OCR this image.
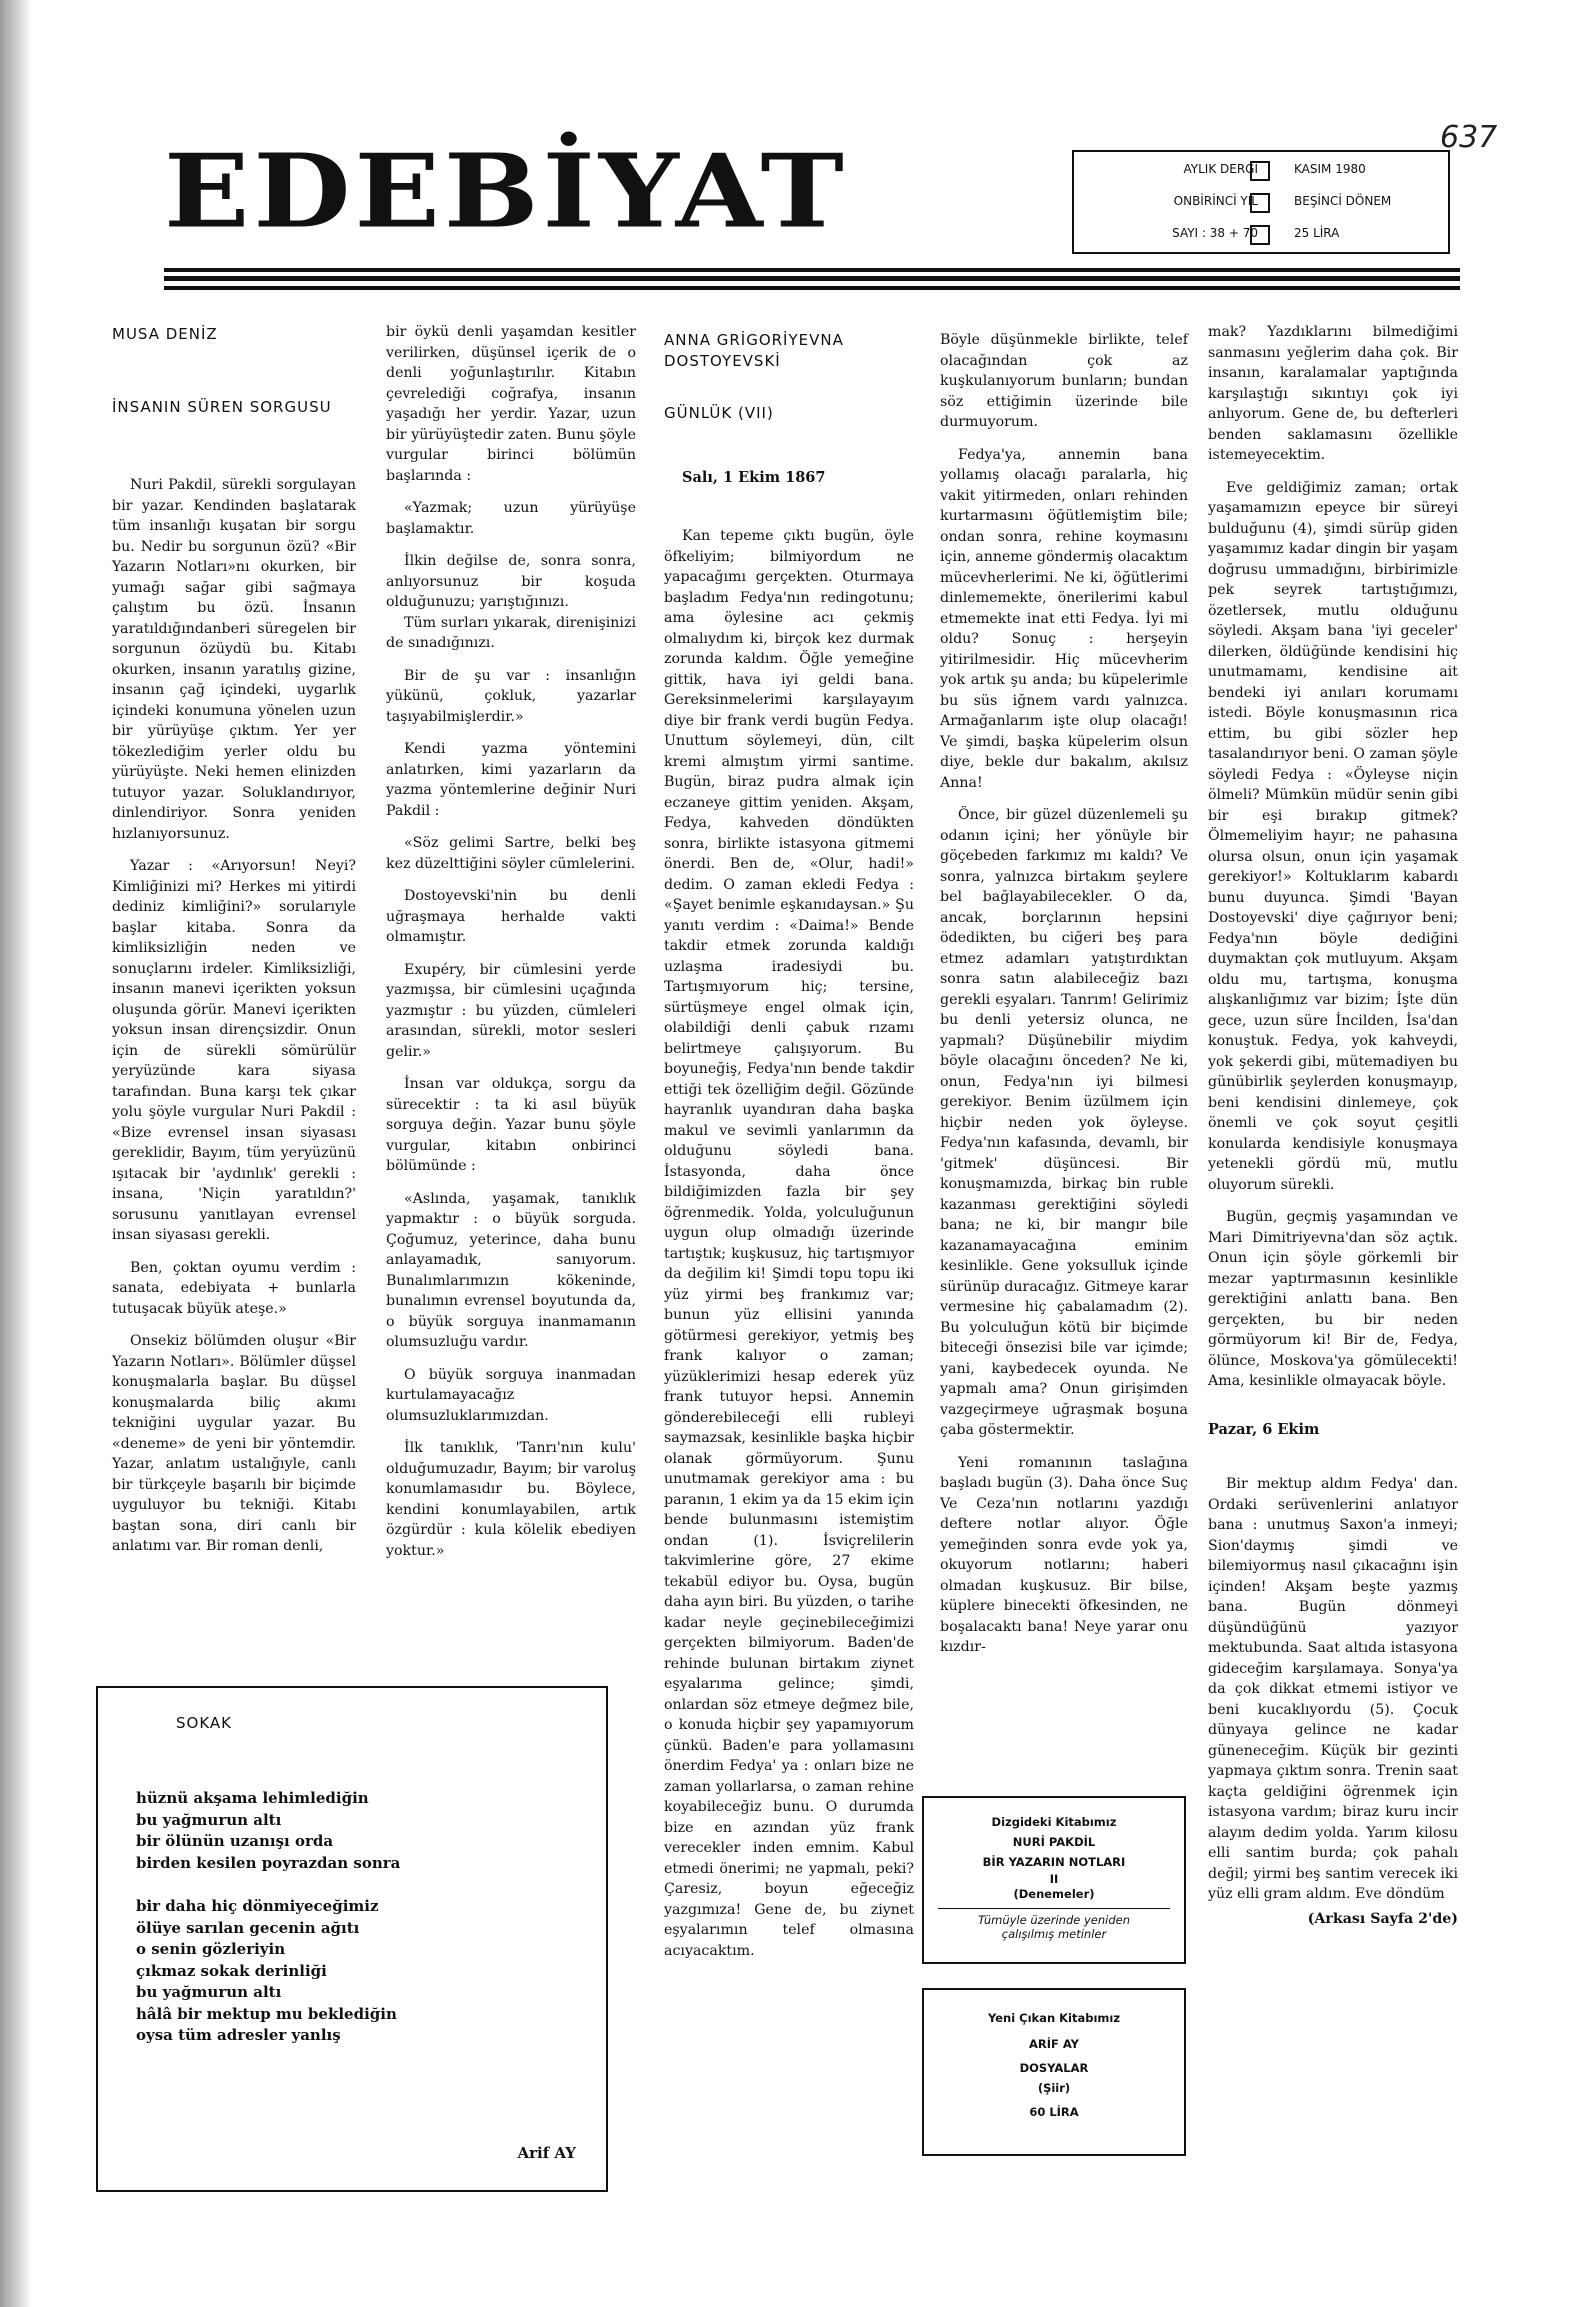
637
EDEBİYAT	AYLIK DERGİ	KASIM 1980
ONBİRİNCİ YIL	BEŞİNCİ DÖNEM
SAYI : 38 + 70	25 LİRA
MUSA DENİZ
İNSANIN SÜREN SORGUSU

Nuri Pakdil, sürekli sorgulayan bir yazar. Kendinden başlatarak tüm insanlığı kuşatan bir sorgu bu. Nedir bu sorgunun özü? «Bir Yazarın Notları»nı okurken, bir yumağı sağar gibi sağmaya çalıştım bu özü. İnsanın yaratıldığındanberi süregelen bir sorgunun özüydü bu. Kitabı okurken, insanın yaratılış gizine, insanın çağ içindeki, uygarlık içindeki konumuna yönelen uzun bir yürüyüşe çıktım. Yer yer tökezlediğim yerler oldu bu yürüyüşte. Neki hemen elinizden tutuyor yazar. Soluklandırıyor, dinlendiriyor. Sonra yeniden hızlanıyorsunuz.

Yazar : «Arıyorsun! Neyi? Kimliğinizi mi? Herkes mi yitirdi dediniz kimliğini?» sorularıyle başlar kitaba. Sonra da kimliksizliğin neden ve sonuçlarını irdeler. Kimliksizliği, insanın manevi içerikten yoksun oluşunda görür. Manevi içerikten yoksun insan dirençsizdir. Onun için de sürekli sömürülür yeryüzünde kara siyasa tarafından. Buna karşı tek çıkar yolu şöyle vurgular Nuri Pakdil : «Bize evrensel insan siyasası gereklidir, Bayım, tüm yeryüzünü ışıtacak bir 'aydınlık' gerekli : insana, 'Niçin yaratıldın?' sorusunu yanıtlayan evrensel insan siyasası gerekli.

Ben, çoktan oyumu verdim : sanata, edebiyata + bunlarla tutuşacak büyük ateşe.»

Onsekiz bölümden oluşur «Bir Yazarın Notları». Bölümler düşsel konuşmalarla başlar. Bu düşsel konuşmalarda biliç akımı tekniğini uygular yazar. Bu «deneme» de yeni bir yöntemdir. Yazar, anlatım ustalığıyle, canlı bir türkçeyle başarılı bir biçimde uyguluyor bu tekniği. Kitabı baştan sona, diri canlı bir anlatımı var. Bir roman denli,

bir öykü denli yaşamdan kesitler verilirken, düşünsel içerik de o denli yoğunlaştırılır. Kitabın çevrelediği coğrafya, insanın yaşadığı her yerdir. Yazar, uzun bir yürüyüştedir zaten. Bunu şöyle vurgular birinci bölümün başlarında :

«Yazmak; uzun yürüyüşe başlamaktır.

İlkin değilse de, sonra sonra, anlıyorsunuz bir koşuda olduğunuzu; yarıştığınızı.

Tüm surları yıkarak, direnişinizi de sınadığınızı.

Bir de şu var : insanlığın yükünü, çokluk, yazarlar taşıyabilmişlerdir.»

Kendi yazma yöntemini anlatırken, kimi yazarların da yazma yöntemlerine değinir Nuri Pakdil :

«Söz gelimi Sartre, belki beş kez düzelttiğini söyler cümlelerini.

Dostoyevski'nin bu denli uğraşmaya herhalde vakti olmamıştır.

Exupéry, bir cümlesini yerde yazmışsa, bir cümlesini uçağında yazmıştır : bu yüzden, cümleleri arasından, sürekli, motor sesleri gelir.»

İnsan var oldukça, sorgu da sürecektir : ta ki asıl büyük sorguya değin. Yazar bunu şöyle vurgular, kitabın onbirinci bölümünde :

«Aslında, yaşamak, tanıklık yapmaktır : o büyük sorguda. Çoğumuz, yeterince, daha bunu anlayamadık, sanıyorum. Bunalımlarımızın kökeninde, bunalımın evrensel boyutunda da, o büyük sorguya inanmamanın olumsuzluğu vardır.

O büyük sorguya inanmadan kurtulamayacağız olumsuzluklarımızdan.

İlk tanıklık, 'Tanrı'nın kulu' olduğumuzadır, Bayım; bir varoluş konumlamasıdır bu. Böylece, kendini konumlayabilen, artık özgürdür : kula kölelik ebediyen yoktur.»

ANNA GRİGORİYEVNA
DOSTOYEVSKİ
GÜNLÜK (VII)

Salı, 1 Ekim 1867

Kan tepeme çıktı bugün, öyle öfkeliyim; bilmiyordum ne yapacağımı gerçekten. Oturmaya başladım Fedya'nın redingotunu; ama öylesine acı çekmiş olmalıydım ki, birçok kez durmak zorunda kaldım. Öğle yemeğine gittik, hava iyi geldi bana. Gereksinmelerimi karşılayayım diye bir frank verdi bugün Fedya. Unuttum söylemeyi, dün, cilt kremi almıştım yirmi santime. Bugün, biraz pudra almak için eczaneye gittim yeniden. Akşam, Fedya, kahveden döndükten sonra, birlikte istasyona gitmemi önerdi. Ben de, «Olur, hadi!» dedim. O zaman ekledi Fedya : «Şayet benimle eşkanıdaysan.» Şu yanıtı verdim : «Daima!» Bende takdir etmek zorunda kaldığı uzlaşma iradesiydi bu. Tartışmıyorum hiç; tersine, sürtüşmeye engel olmak için, olabildiği denli çabuk rızamı belirtmeye çalışıyorum. Bu boyuneğiş, Fedya'nın bende takdir ettiği tek özelliğim değil. Gözünde hayranlık uyandıran daha başka makul ve sevimli yanlarımın da olduğunu söyledi bana. İstasyonda, daha önce bildiğimizden fazla bir şey öğrenmedik. Yolda, yolculuğunun uygun olup olmadığı üzerinde tartıştık; kuşkusuz, hiç tartışmıyor da değilim ki! Şimdi topu topu iki yüz yirmi beş frankımız var; bunun yüz ellisini yanında götürmesi gerekiyor, yetmiş beş frank kalıyor o zaman; yüzüklerimizi hesap ederek yüz frank tutuyor hepsi. Annemin gönderebileceği elli rubleyi saymazsak, kesinlikle başka hiçbir olanak görmüyorum. Şunu unutmamak gerekiyor ama : bu paranın, 1 ekim ya da 15 ekim için bende bulunmasını istemiştim ondan (1). İsviçrelilerin takvimlerine göre, 27 ekime tekabül ediyor bu. Oysa, bugün daha ayın biri. Bu yüzden, o tarihe kadar neyle geçinebileceğimizi gerçekten bilmiyorum. Baden'de rehinde bulunan birtakım ziynet eşyalarıma gelince; şimdi, onlardan söz etmeye değmez bile, o konuda hiçbir şey yapamıyorum çünkü. Baden'e para yollamasını önerdim Fedya' ya : onları bize ne zaman yollarlarsa, o zaman rehine koyabileceğiz bunu. O durumda bize en azından yüz frank verecekler inden emnim. Kabul etmedi önerimi; ne yapmalı, peki? Çaresiz, boyun eğeceğiz yazgımıza! Gene de, bu ziynet eşyalarımın telef olmasına acıyacaktım.

Böyle düşünmekle birlikte, telef olacağından çok az kuşkulanıyorum bunların; bundan söz ettiğimin üzerinde bile durmuyorum.

Fedya'ya, annemin bana yollamış olacağı paralarla, hiç vakit yitirmeden, onları rehinden kurtarmasını öğütlemiştim bile; ondan sonra, rehine koymasını için, anneme göndermiş olacaktım mücevherlerimi. Ne ki, öğütlerimi dinlememekte, önerilerimi kabul etmemekte inat etti Fedya. İyi mi oldu? Sonuç : herşeyin yitirilmesidir. Hiç mücevherim yok artık şu anda; bu küpelerimle bu süs iğnem vardı yalnızca. Armağanlarım işte olup olacağı! Ve şimdi, başka küpelerim olsun diye, bekle dur bakalım, akılsız Anna!

Önce, bir güzel düzenlemeli şu odanın içini; her yönüyle bir göçebeden farkımız mı kaldı? Ve sonra, yalnızca birtakım şeylere bel bağlayabilecekler. O da, ancak, borçlarının hepsini ödedikten, bu ciğeri beş para etmez adamları yatıştırdıktan sonra satın alabileceğiz bazı gerekli eşyaları. Tanrım! Gelirimiz bu denli yetersiz olunca, ne yapmalı? Düşünebilir miydim böyle olacağını önceden? Ne ki, onun, Fedya'nın iyi bilmesi gerekiyor. Benim üzülmem için hiçbir neden yok öyleyse. Fedya'nın kafasında, devamlı, bir 'gitmek' düşüncesi. Bir konuşmamızda, birkaç bin ruble kazanması gerektiğini söyledi bana; ne ki, bir mangır bile kazanamayacağına eminim kesinlikle. Gene yoksulluk içinde sürünüp duracağız. Gitmeye karar vermesine hiç çabalamadım (2). Bu yolculuğun kötü bir biçimde biteceği önsezisi bile var içimde; yani, kaybedecek oyunda. Ne yapmalı ama? Onun girişimden vazgeçirmeye uğraşmak boşuna çaba göstermektir.

Yeni romanının taslağına başladı bugün (3). Daha önce Suç Ve Ceza'nın notlarını yazdığı deftere notlar alıyor. Öğle yemeğinden sonra evde yok ya, okuyorum notlarını; haberi olmadan kuşkusuz. Bir bilse, küplere binecekti öfkesinden, ne boşalacaktı bana! Neye yarar onu kızdır-

mak? Yazdıklarını bilmediğimi sanmasını yeğlerim daha çok. Bir insanın, karalamalar yaptığında karşılaştığı sıkıntıyı çok iyi anlıyorum. Gene de, bu defterleri benden saklamasını özellikle istemeyecektim.

Eve geldiğimiz zaman; ortak yaşamamızın epeyce bir süreyi bulduğunu (4), şimdi sürüp giden yaşamımız kadar dingin bir yaşam doğrusu ummadığını, birbirimizle pek seyrek tartıştığımızı, özetlersek, mutlu olduğunu söyledi. Akşam bana 'iyi geceler' dilerken, öldüğünde kendisini hiç unutmamamı, kendisine ait bendeki iyi anıları korumamı istedi. Böyle konuşmasının rica ettim, bu gibi sözler hep tasalandırıyor beni. O zaman şöyle söyledi Fedya : «Öyleyse niçin ölmeli? Mümkün müdür senin gibi bir eşi bırakıp gitmek? Ölmemeliyim hayır; ne pahasına olursa olsun, onun için yaşamak gerekiyor!» Koltuklarım kabardı bunu duyunca. Şimdi 'Bayan Dostoyevski' diye çağırıyor beni; Fedya'nın böyle dediğini duymaktan çok mutluyum. Akşam oldu mu, tartışma, konuşma alışkanlığımız var bizim; İşte dün gece, uzun süre İncilden, İsa'dan konuştuk. Fedya, yok kahveydi, yok şekerdi gibi, mütemadiyen bu günübirlik şeylerden konuşmayıp, beni kendisini dinlemeye, çok önemli ve çok soyut çeşitli konularda kendisiyle konuşmaya yetenekli gördü mü, mutlu oluyorum sürekli.

Bugün, geçmiş yaşamından ve Mari Dimitriyevna'dan söz açtık. Onun için şöyle görkemli bir mezar yaptırmasının kesinlikle gerektiğini anlattı bana. Ben gerçekten, bu bir neden görmüyorum ki! Bir de, Fedya, ölünce, Moskova'ya gömülecekti! Ama, kesinlikle olmayacak böyle.

Pazar, 6 Ekim

Bir mektup aldım Fedya' dan. Ordaki serüvenlerini anlatıyor bana : unutmuş Saxon'a inmeyi; Sion'daymış şimdi ve bilemiyormuş nasıl çıkacağını işin içinden! Akşam beşte yazmış bana. Bugün dönmeyi düşündüğünü yazıyor mektubunda. Saat altıda istasyona gideceğim karşılamaya. Sonya'ya da çok dikkat etmemi istiyor ve beni kucaklıyordu (5). Çocuk dünyaya gelince ne kadar güneneceğim. Küçük bir gezinti yapmaya çıktım sonra. Trenin saat kaçta geldiğini öğrenmek için istasyona vardım; biraz kuru incir alayım dedim yolda. Yarım kilosu elli santim burda; çok pahalı değil; yirmi beş santim verecek iki yüz elli gram aldım. Eve döndüm

(Arkası Sayfa 2'de)

SOKAK
hüznü akşama lehimlediğin
bu yağmurun altı
bir ölünün uzanışı orda
birden kesilen poyrazdan sonra
bir daha hiç dönmiyeceğimiz
ölüye sarılan gecenin ağıtı
o senin gözleriyin
çıkmaz sokak derinliği
bu yağmurun altı
hâlâ bir mektup mu beklediğin
oysa tüm adresler yanlış
Arif AY
Dizgideki Kitabımız
NURİ PAKDİL
BİR YAZARIN NOTLARI
II
(Denemeler)
Tümüyle üzerinde yeniden
çalışılmış metinler
Yeni Çıkan Kitabımız
ARİF AY
DOSYALAR
(Şiir)
60 LİRA
